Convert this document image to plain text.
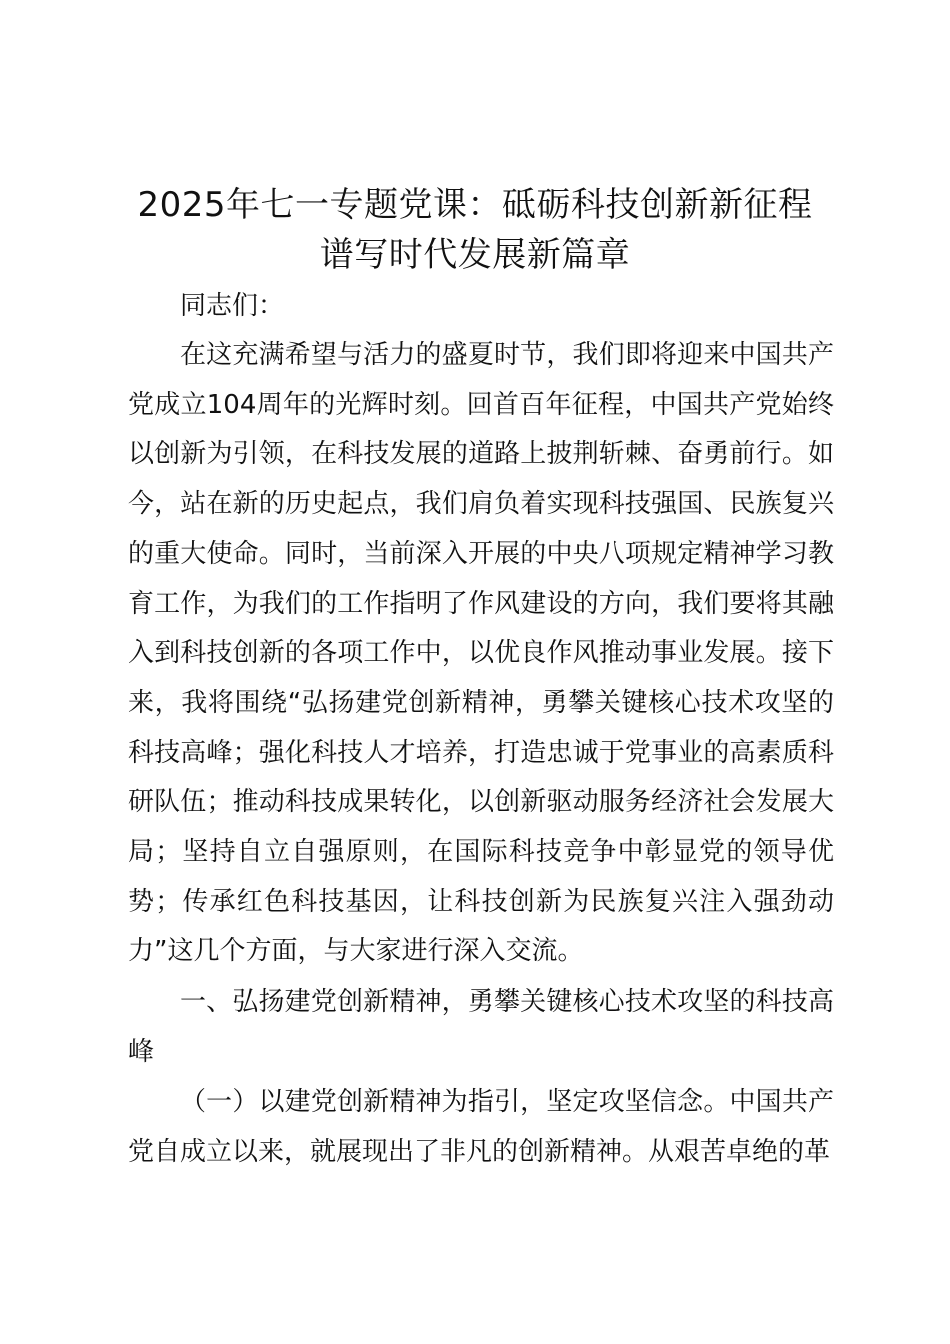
2025年七一专题党课：砥砺科技创新新征程
谱写时代发展新篇章
同志们：
在这充满希望与活力的盛夏时节，我们即将迎来中国共产党成立104周年的光辉时刻。回首百年征程，中国共产党始终以创新为引领，在科技发展的道路上披荆斩棘、奋勇前行。如今，站在新的历史起点，我们肩负着实现科技强国、民族复兴的重大使命。同时，当前深入开展的中央八项规定精神学习教育工作，为我们的工作指明了作风建设的方向，我们要将其融入到科技创新的各项工作中，以优良作风推动事业发展。接下来，我将围绕“弘扬建党创新精神，勇攀关键核心技术攻坚的科技高峰；强化科技人才培养，打造忠诚于党事业的高素质科研队伍；推动科技成果转化，以创新驱动服务经济社会发展大局；坚持自立自强原则，在国际科技竞争中彰显党的领导优势；传承红色科技基因，让科技创新为民族复兴注入强劲动力”这几个方面，与大家进行深入交流。
一、弘扬建党创新精神，勇攀关键核心技术攻坚的科技高峰
（一）以建党创新精神为指引，坚定攻坚信念。中国共产党自成立以来，就展现出了非凡的创新精神。从艰苦卓绝的革
